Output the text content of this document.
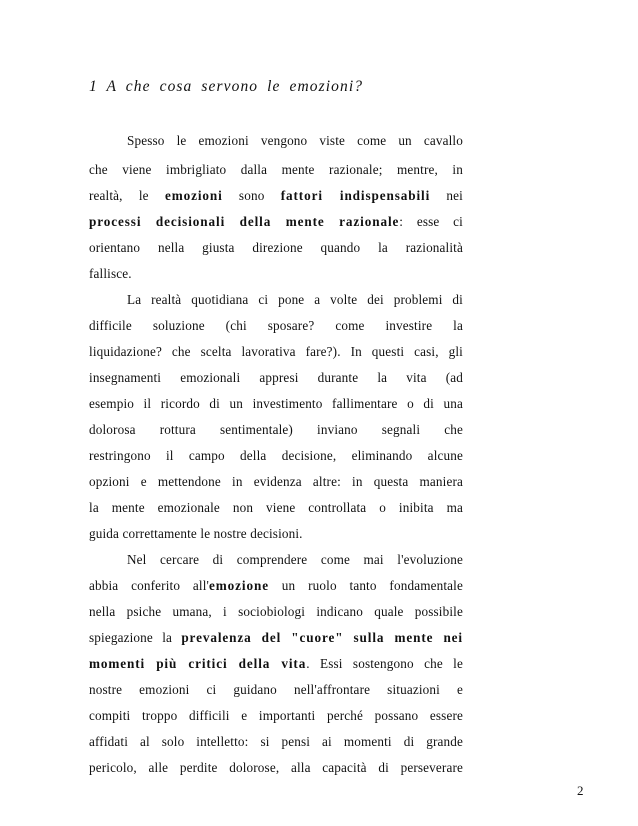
1 A che cosa servono le emozioni?
Spesso le emozioni vengono viste come un cavallo
che viene imbrigliato dalla mente razionale; mentre, in
realtà, le emozioni sono fattori indispensabili nei
processi decisionali della mente razionale: esse ci
orientano nella giusta direzione quando la razionalità
fallisce.
La realtà quotidiana ci pone a volte dei problemi di
difficile soluzione (chi sposare? come investire la
liquidazione? che scelta lavorativa fare?). In questi casi, gli
insegnamenti emozionali appresi durante la vita (ad
esempio il ricordo di un investimento fallimentare o di una
dolorosa rottura sentimentale) inviano segnali che
restringono il campo della decisione, eliminando alcune
opzioni e mettendone in evidenza altre: in questa maniera
la mente emozionale non viene controllata o inibita ma
guida correttamente le nostre decisioni.
Nel cercare di comprendere come mai l'evoluzione
abbia conferito all'emozione un ruolo tanto fondamentale
nella psiche umana, i sociobiologi indicano quale possibile
spiegazione la prevalenza del "cuore" sulla mente nei
momenti più critici della vita. Essi sostengono che le
nostre emozioni ci guidano nell'affrontare situazioni e
compiti troppo difficili e importanti perché possano essere
affidati al solo intelletto: si pensi ai momenti di grande
pericolo, alle perdite dolorose, alla capacità di perseverare
2
